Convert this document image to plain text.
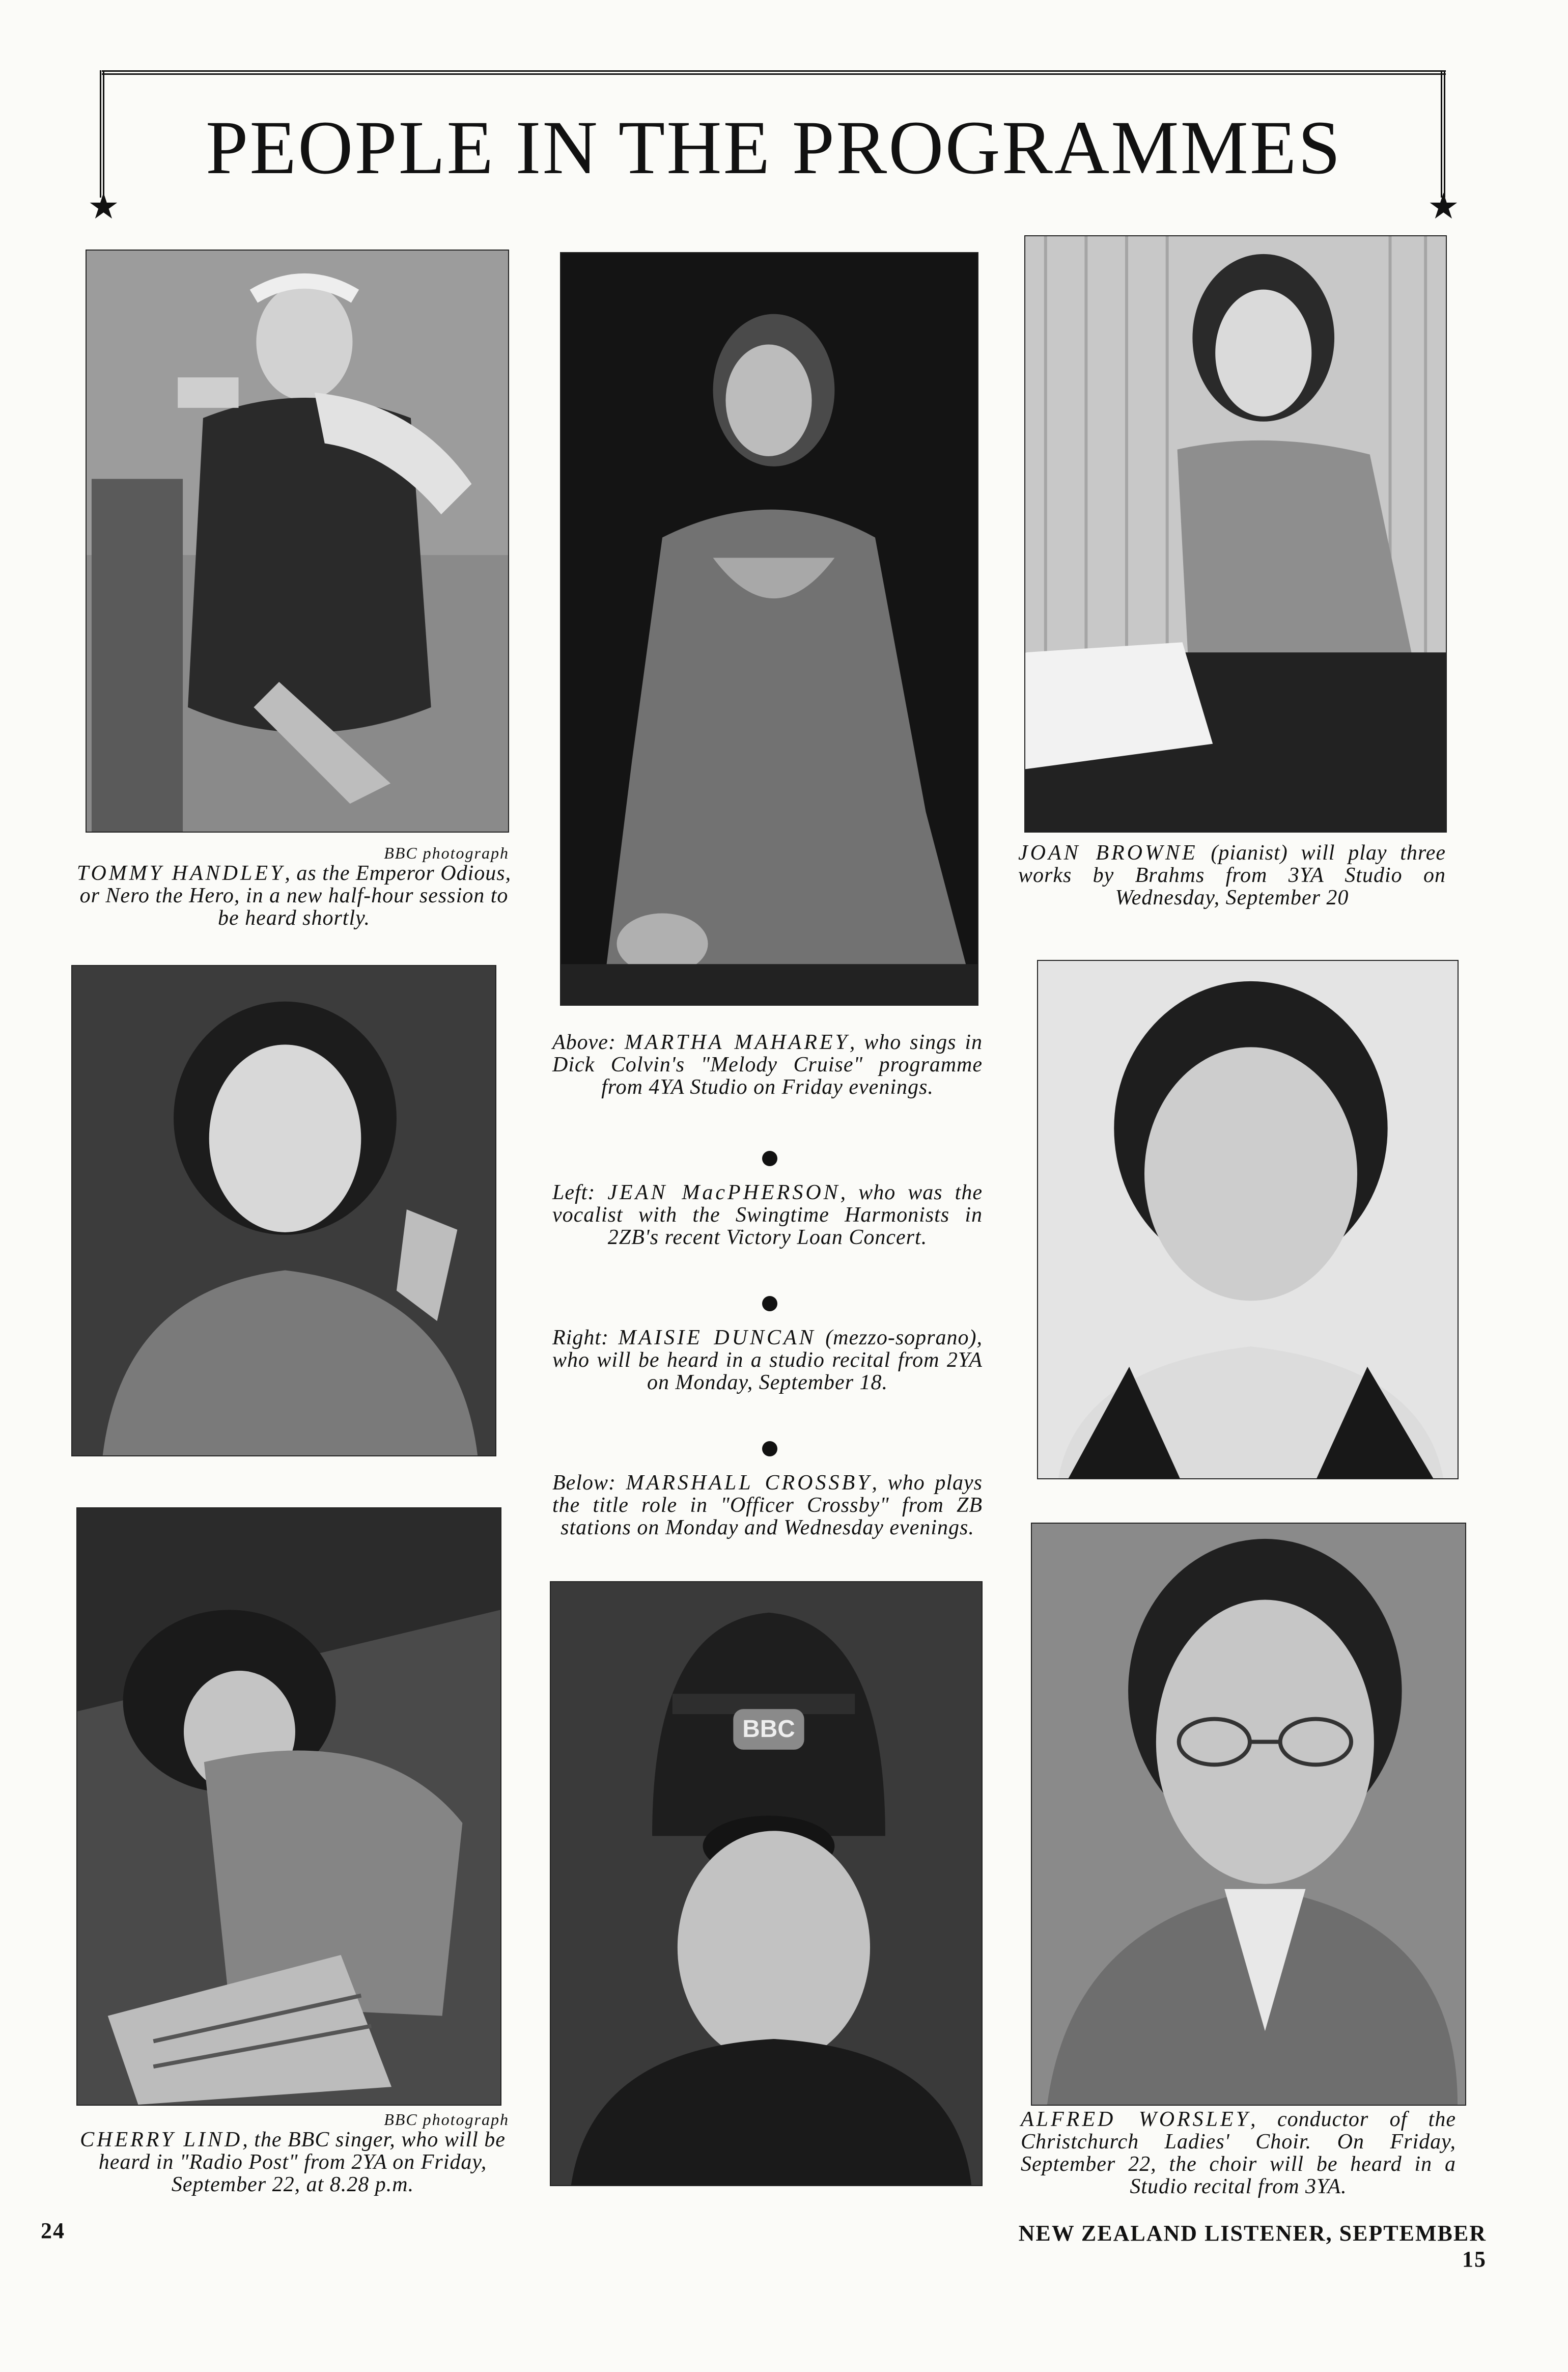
★	★
PEOPLE IN THE PROGRAMMES
BBC photograph
TOMMY HANDLEY, as the Emperor Odious, or Nero the Hero, in a new half-hour session to be heard shortly.
Above: MARTHA MAHAREY, who sings in Dick Colvin's "Melody Cruise" programme from 4YA Studio on Friday evenings.
JOAN BROWNE (pianist) will play three works by Brahms from 3YA Studio on Wednesday, September 20
Left: JEAN MacPHERSON, who was the vocalist with the Swingtime Harmonists in 2ZB's recent Victory Loan Concert.
Right: MAISIE DUNCAN (mezzo-soprano), who will be heard in a studio recital from 2YA on Monday, September 18.
Below: MARSHALL CROSSBY, who plays the title role in "Officer Crossby" from ZB stations on Monday and Wednesday evenings.
BBC photograph
CHERRY LIND, the BBC singer, who will be heard in "Radio Post" from 2YA on Friday, September 22, at 8.28 p.m.
BBC
ALFRED WORSLEY, conductor of the Christchurch Ladies' Choir. On Friday, September 22, the choir will be heard in a Studio recital from 3YA.
24	NEW ZEALAND LISTENER, SEPTEMBER 15
